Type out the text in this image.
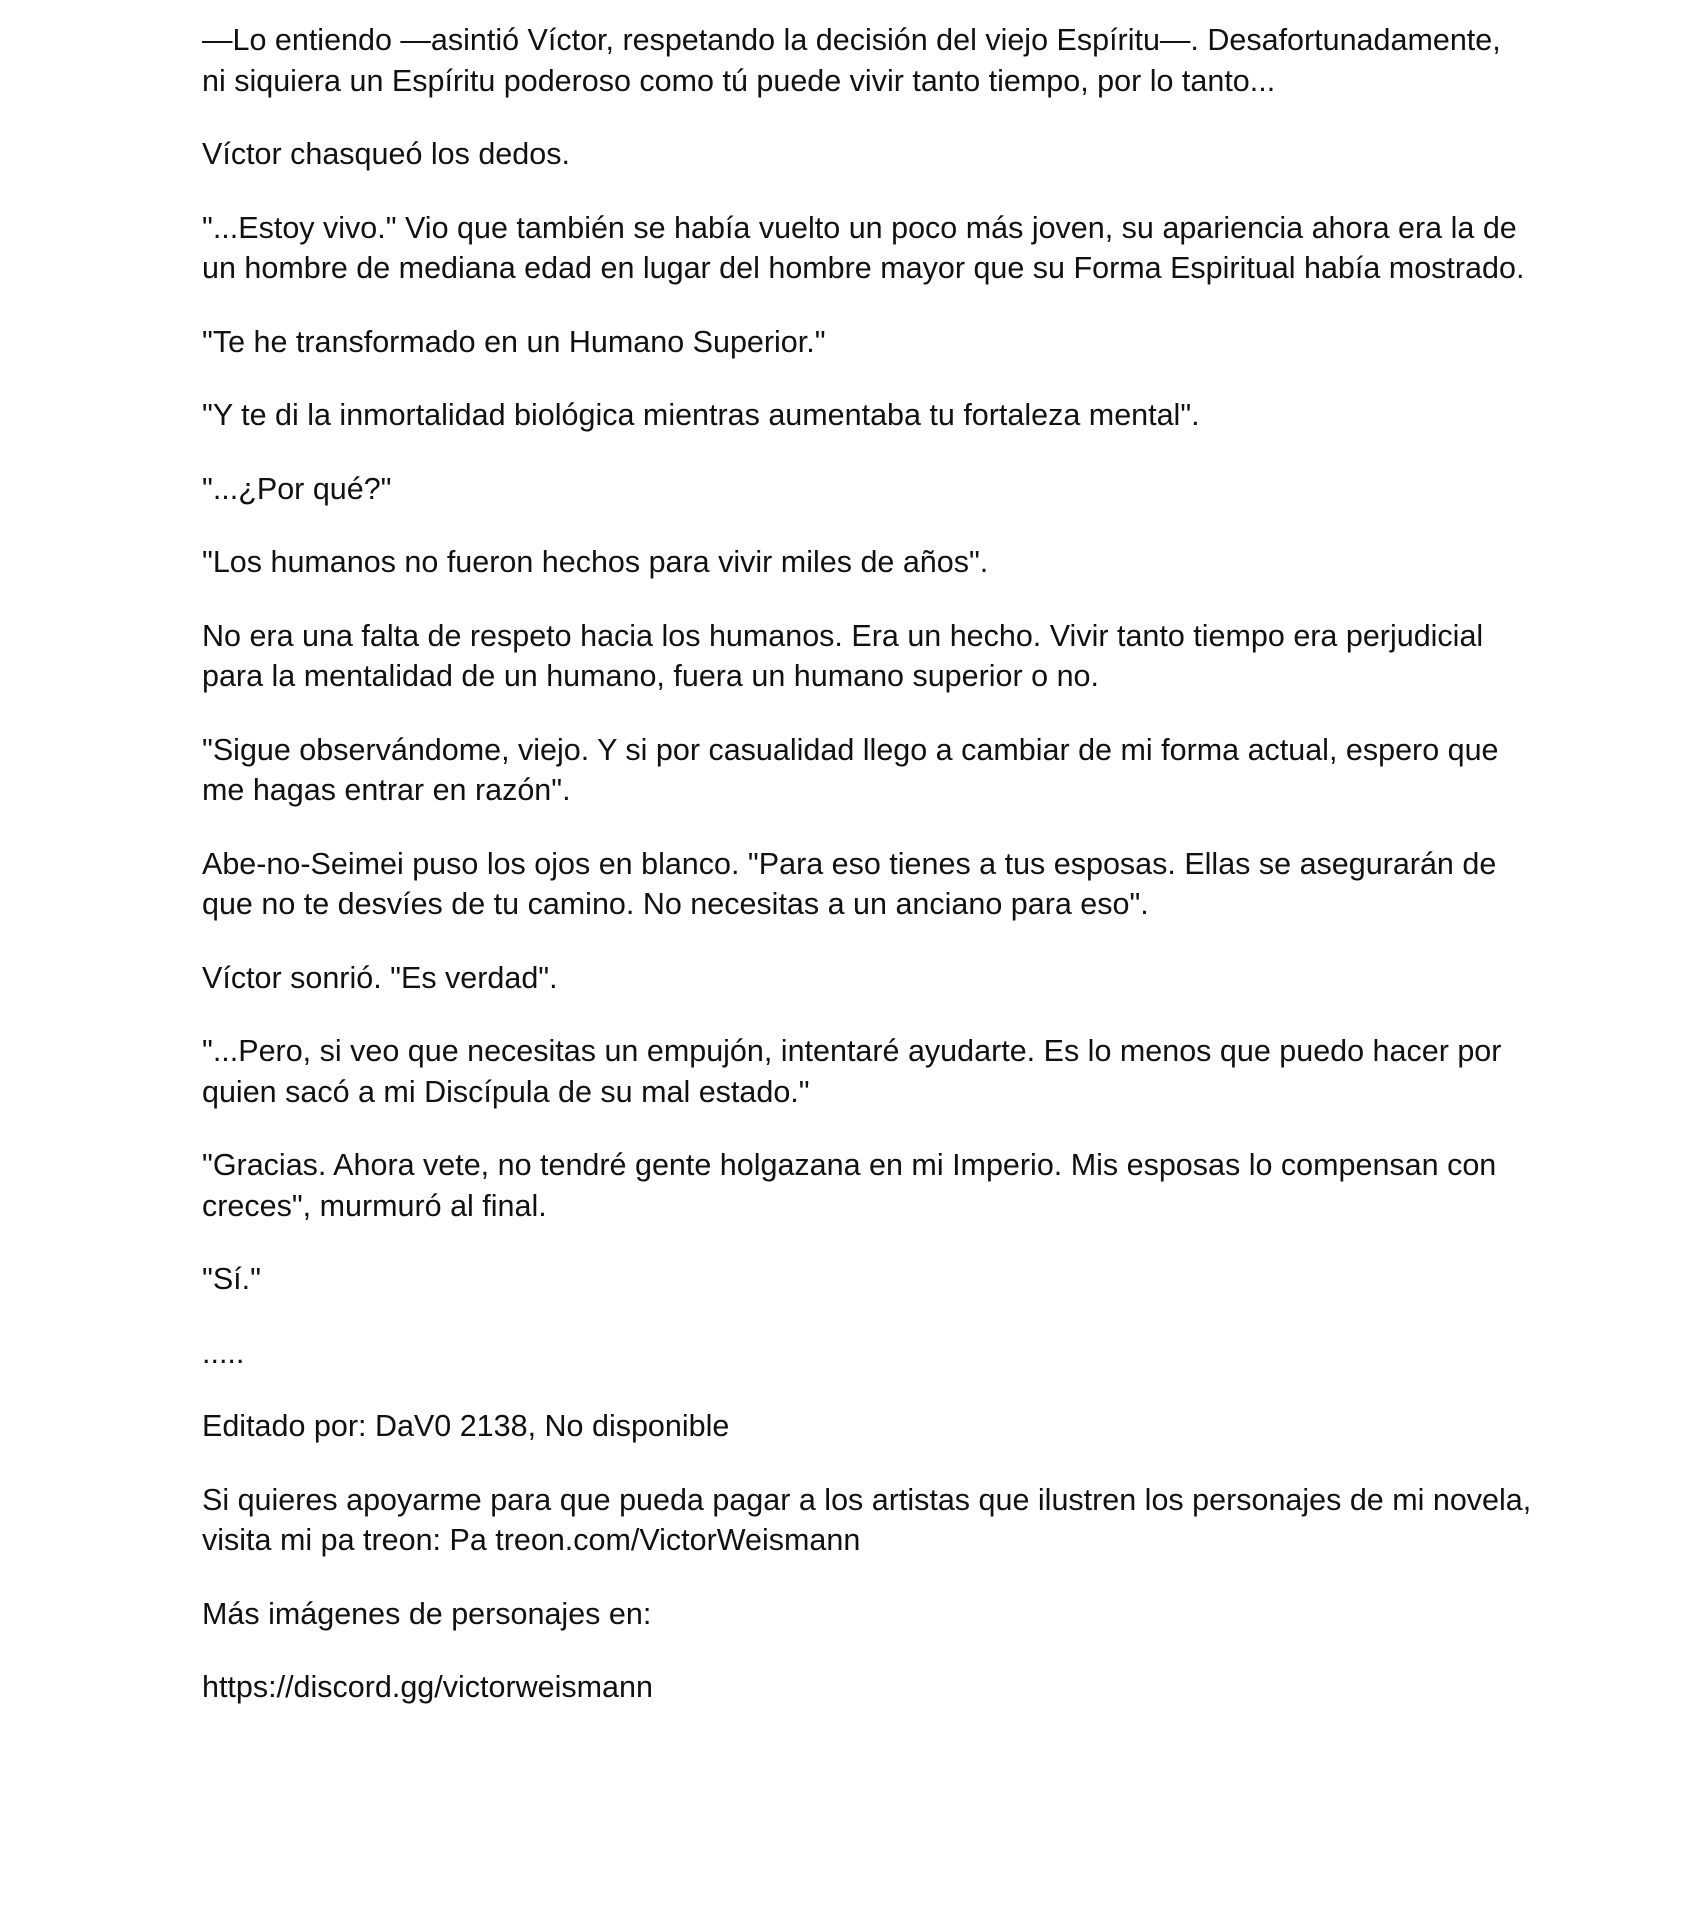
—Lo entiendo —asintió Víctor, respetando la decisión del viejo Espíritu—. Desafortunadamente, ni siquiera un Espíritu poderoso como tú puede vivir tanto tiempo, por lo tanto...

Víctor chasqueó los dedos.

"...Estoy vivo." Vio que también se había vuelto un poco más joven, su apariencia ahora era la de un hombre de mediana edad en lugar del hombre mayor que su Forma Espiritual había mostrado.

"Te he transformado en un Humano Superior."

"Y te di la inmortalidad biológica mientras aumentaba tu fortaleza mental".

"...¿Por qué?"

"Los humanos no fueron hechos para vivir miles de años".

No era una falta de respeto hacia los humanos. Era un hecho. Vivir tanto tiempo era perjudicial para la mentalidad de un humano, fuera un humano superior o no.

"Sigue observándome, viejo. Y si por casualidad llego a cambiar de mi forma actual, espero que me hagas entrar en razón".

Abe-no-Seimei puso los ojos en blanco. "Para eso tienes a tus esposas. Ellas se asegurarán de que no te desvíes de tu camino. No necesitas a un anciano para eso".

Víctor sonrió. "Es verdad".

"...Pero, si veo que necesitas un empujón, intentaré ayudarte. Es lo menos que puedo hacer por quien sacó a mi Discípula de su mal estado."

"Gracias. Ahora vete, no tendré gente holgazana en mi Imperio. Mis esposas lo compensan con creces", murmuró al final.

"Sí."

.....

Editado por: DaV0 2138, No disponible

Si quieres apoyarme para que pueda pagar a los artistas que ilustren los personajes de mi novela, visita mi pa treon: Pa treon.com/VictorWeismann

Más imágenes de personajes en:

https://discord.gg/victorweismann
